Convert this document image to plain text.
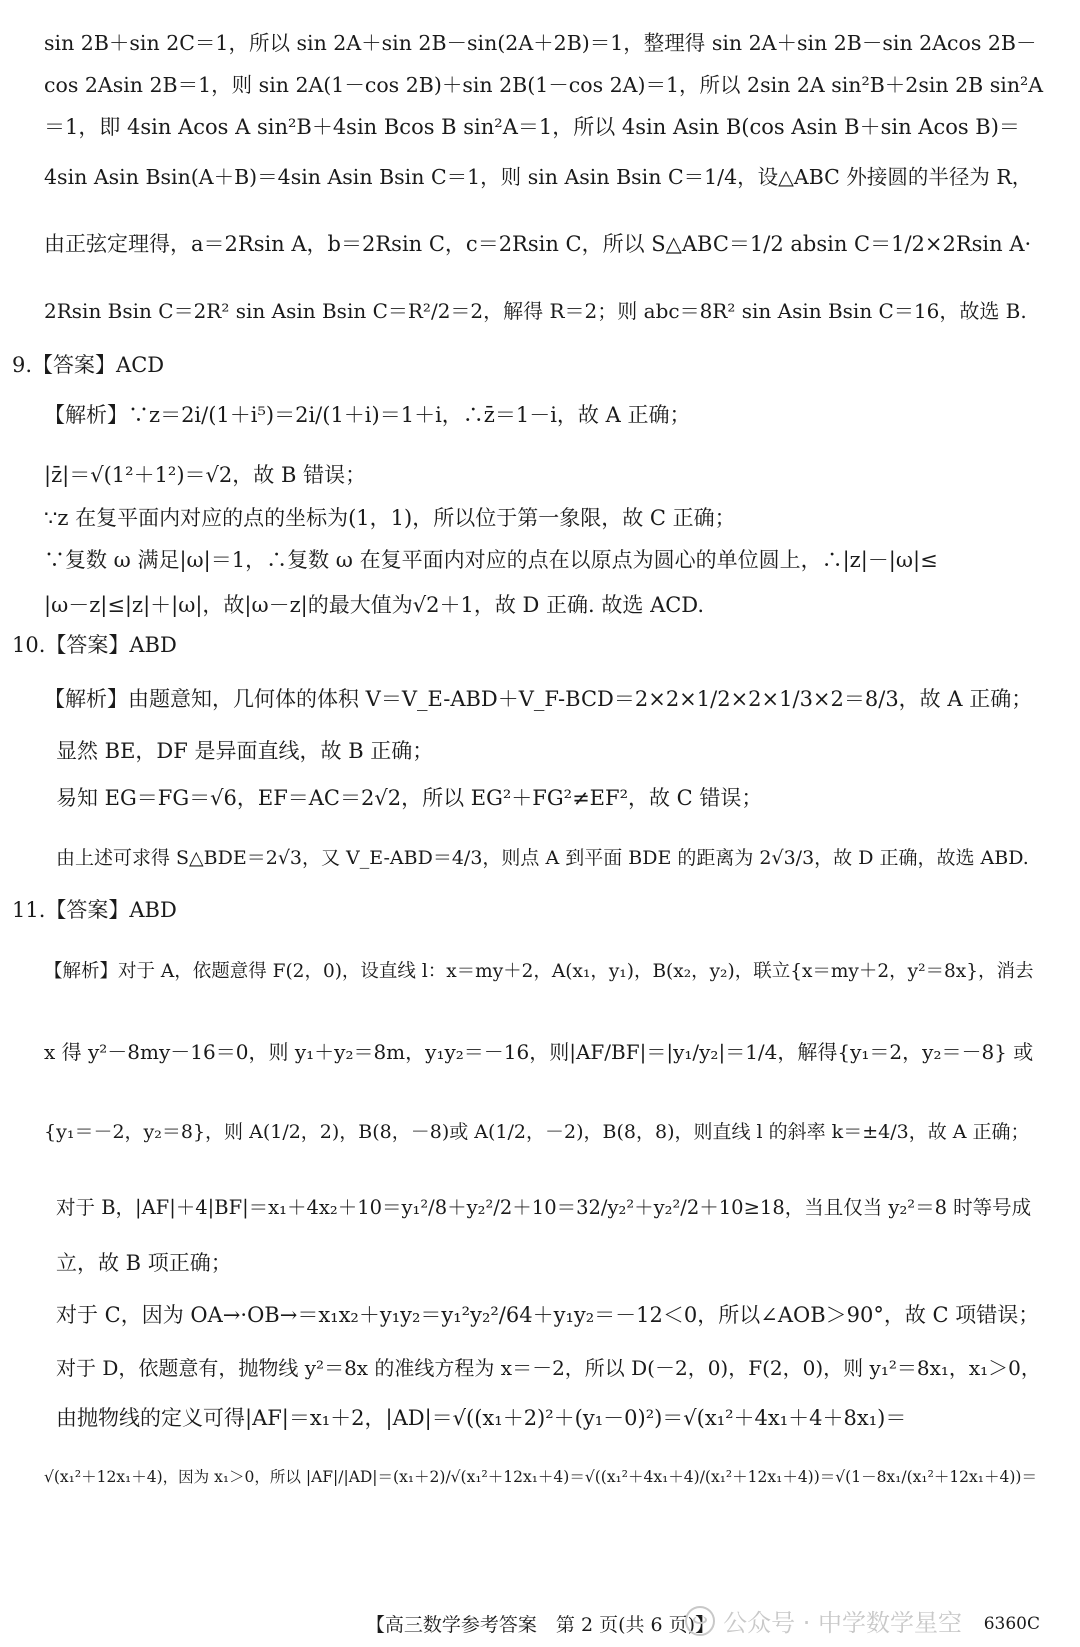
sin 2B＋sin 2C＝1，所以 sin 2A＋sin 2B－sin(2A＋2B)＝1，整理得 sin 2A＋sin 2B－sin 2Acos 2B－
cos 2Asin 2B＝1，则 sin 2A(1－cos 2B)＋sin 2B(1－cos 2A)＝1，所以 2sin 2A sin²B＋2sin 2B sin²A
＝1，即 4sin Acos A sin²B＋4sin Bcos B sin²A＝1，所以 4sin Asin B(cos Asin B＋sin Acos B)＝
4sin Asin Bsin(A＋B)＝4sin Asin Bsin C＝1，则 sin Asin Bsin C＝1/4，设△ABC 外接圆的半径为 R，
由正弦定理得，a＝2Rsin A，b＝2Rsin C，c＝2Rsin C，所以 S△ABC＝1/2 absin C＝1/2×2Rsin A·
2Rsin Bsin C＝2R² sin Asin Bsin C＝R²/2＝2，解得 R＝2；则 abc＝8R² sin Asin Bsin C＝16，故选 B.
9.【答案】ACD
【解析】∵z＝2i/(1＋i⁵)＝2i/(1＋i)＝1＋i，∴z̄＝1－i，故 A 正确；
|z̄|＝√(1²＋1²)＝√2，故 B 错误；
∵z 在复平面内对应的点的坐标为(1，1)，所以位于第一象限，故 C 正确；
∵复数 ω 满足|ω|＝1，∴复数 ω 在复平面内对应的点在以原点为圆心的单位圆上，∴|z|－|ω|≤
|ω－z|≤|z|＋|ω|，故|ω－z|的最大值为√2＋1，故 D 正确. 故选 ACD.
10.【答案】ABD
【解析】由题意知，几何体的体积 V＝V_E-ABD＋V_F-BCD＝2×2×1/2×2×1/3×2＝8/3，故 A 正确；
显然 BE，DF 是异面直线，故 B 正确；
易知 EG＝FG＝√6，EF＝AC＝2√2，所以 EG²＋FG²≠EF²，故 C 错误；
由上述可求得 S△BDE＝2√3，又 V_E-ABD＝4/3，则点 A 到平面 BDE 的距离为 2√3/3，故 D 正确，故选 ABD.
11.【答案】ABD
【解析】对于 A，依题意得 F(2，0)，设直线 l：x＝my＋2，A(x₁，y₁)，B(x₂，y₂)，联立{x＝my＋2，y²＝8x}，消去
x 得 y²－8my－16＝0，则 y₁＋y₂＝8m，y₁y₂＝－16，则|AF/BF|＝|y₁/y₂|＝1/4，解得{y₁＝2，y₂＝－8} 或
{y₁＝－2，y₂＝8}，则 A(1/2，2)，B(8，－8)或 A(1/2，－2)，B(8，8)，则直线 l 的斜率 k＝±4/3，故 A 正确；
对于 B，|AF|＋4|BF|＝x₁＋4x₂＋10＝y₁²/8＋y₂²/2＋10＝32/y₂²＋y₂²/2＋10≥18，当且仅当 y₂²＝8 时等号成
立，故 B 项正确；
对于 C，因为 OA→·OB→＝x₁x₂＋y₁y₂＝y₁²y₂²/64＋y₁y₂＝－12＜0，所以∠AOB＞90°，故 C 项错误；
对于 D，依题意有，抛物线 y²＝8x 的准线方程为 x＝－2，所以 D(－2，0)，F(2，0)，则 y₁²＝8x₁，x₁＞0，
由抛物线的定义可得|AF|＝x₁＋2，|AD|＝√((x₁＋2)²＋(y₁－0)²)＝√(x₁²＋4x₁＋4＋8x₁)＝
√(x₁²＋12x₁＋4)，因为 x₁＞0，所以 |AF|/|AD|＝(x₁＋2)/√(x₁²＋12x₁＋4)＝√((x₁²＋4x₁＋4)/(x₁²＋12x₁＋4))＝√(1－8x₁/(x₁²＋12x₁＋4))＝
【高三数学参考答案　第 2 页(共 6 页)】 公众号 · 中学数学星空 6360C
